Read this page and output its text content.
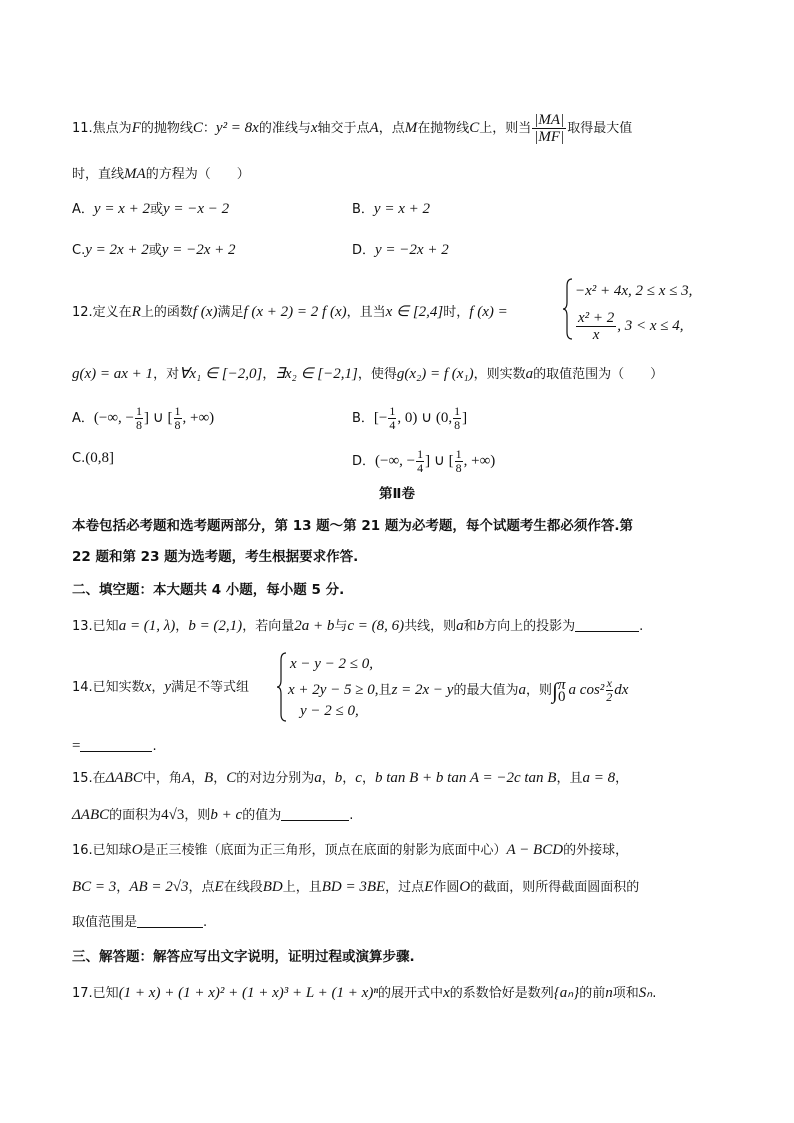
11.焦点为F的抛物线C：y² = 8x的准线与x轴交于点A，点M在抛物线C上，则当 $\frac{|MA|}{|MF|}$ 取得最大值
时，直线MA的方程为（　　）
A．y = x + 2或y = −x − 2	B．y = x + 2
C.y = 2x + 2或y = −2x + 2	D．y = −2x + 2
12.定义在R上的函数f (x)满足f (x + 2) = 2 f (x)，且当x ∈ [2,4]时，f (x) =
−x² + 4x, 2 ≤ x ≤ 3,
$\frac{\text{x² + 2}}{x}$ , 3 < x ≤ 4,
g(x) = ax + 1，对∀x₁ ∈ [−2,0]，∃x₂ ∈ [−2,1]，使得g(x₂) = f (x₁)，则实数a的取值范围为（　　）
A．(−∞, − $\frac{1}{8}$ ] ∪ [ $\frac{1}{8}$ , +∞)	B．[− $\frac{1}{4}$ , 0) ∪ (0, $\frac{1}{8}$ ]
C.(0,8]	D．(−∞, − $\frac{1}{4}$ ] ∪ [ $\frac{1}{8}$ , +∞)
第Ⅱ卷
本卷包括必考题和选考题两部分，第 13 题～第 21 题为必考题，每个试题考生都必须作答.第
22 题和第 23 题为选考题，考生根据要求作答.
二、填空题：本大题共 4 小题，每小题 5 分.
13.已知a = (1, λ)，b = (2,1)，若向量2a + b与c = (8, 6)共线，则a和b方向上的投影为	.
14.已知实数x，y满足不等式组
x − y − 2 ≤ 0,
x + 2y − 5 ≥ 0,且z = 2x − y的最大值为a，则∫ π
0 a $\cos^2 \frac{x}{2}$ dx
y − 2 ≤ 0,
=	.
15.在ΔABC中，角A，B，C的对边分别为a，b，c，b tan B + b tan A = −2c tan B，且a = 8，
ΔABC的面积为4√3，则b + c的值为	.
16.已知球O是正三棱锥（底面为正三角形，顶点在底面的射影为底面中心）A − BCD的外接球，
BC = 3，AB = 2√3，点E在线段BD上，且BD = 3BE，过点E作圆O的截面，则所得截面圆面积的
取值范围是	.
三、解答题：解答应写出文字说明，证明过程或演算步骤.
17.已知(1 + x) + (1 + x)² + (1 + x)³ + L + (1 + x)ⁿ的展开式中x的系数恰好是数列{aₙ}的前n项和Sₙ.
